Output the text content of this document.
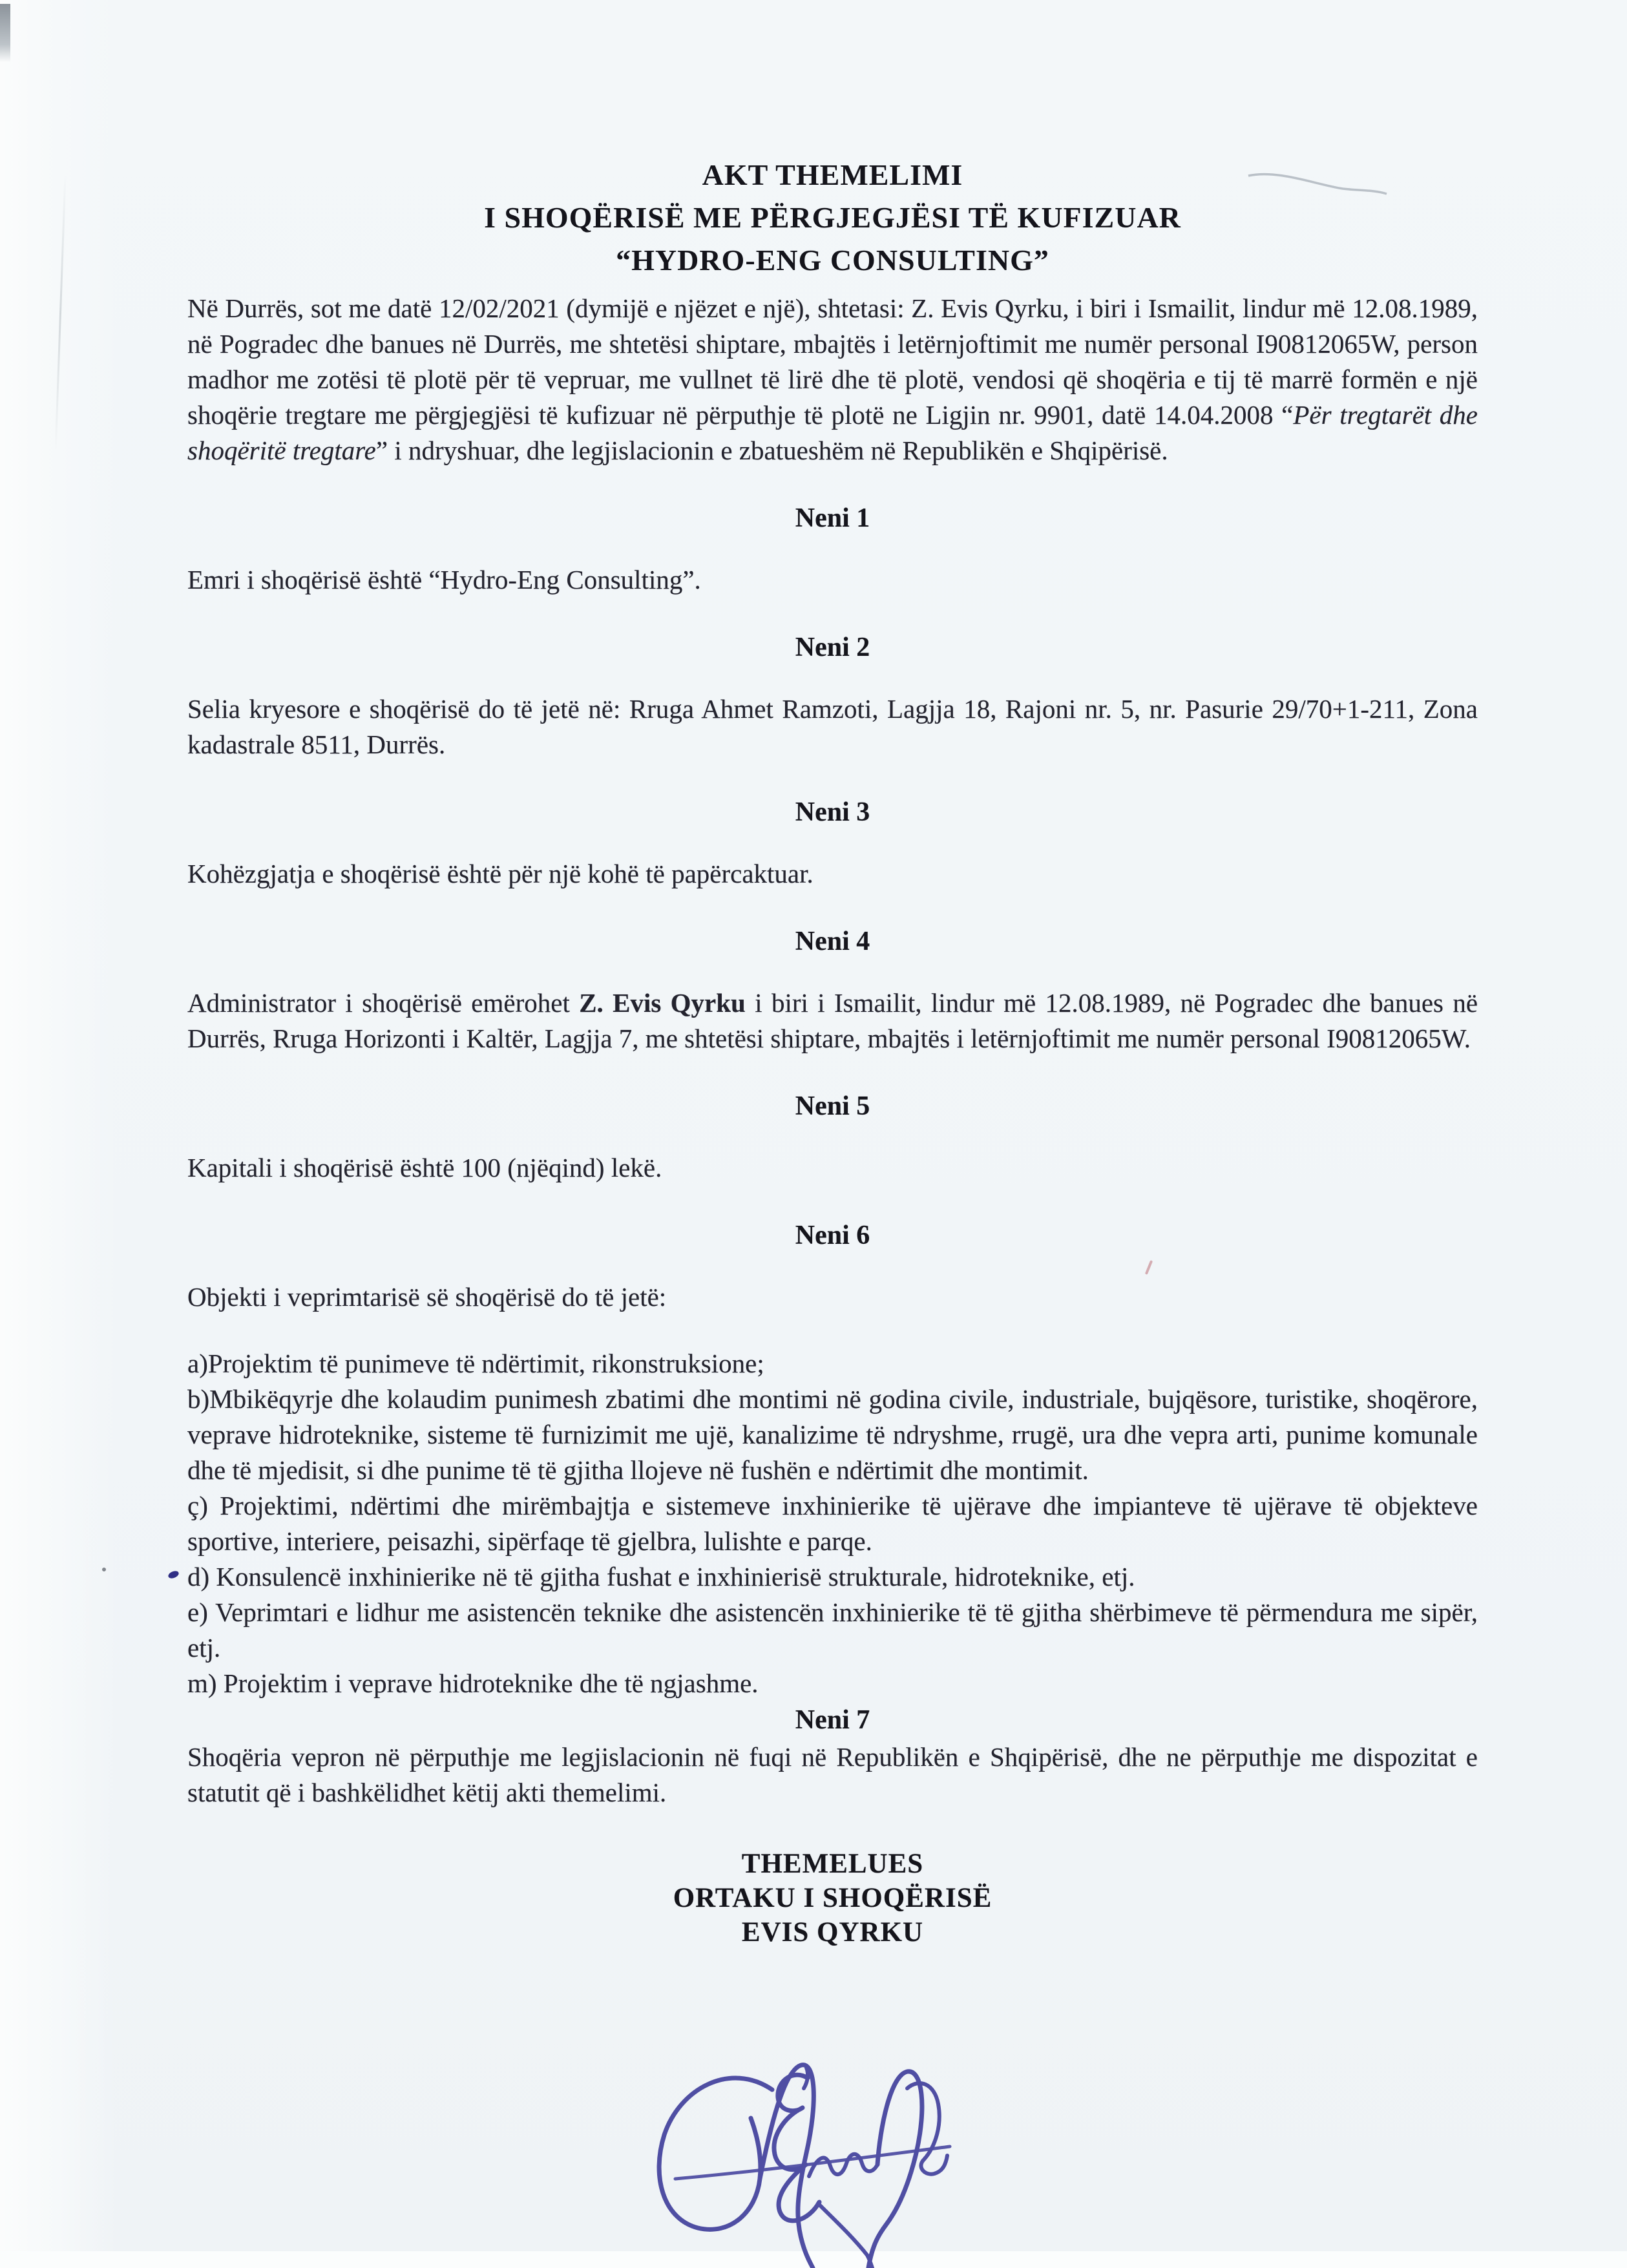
AKT THEMELIMI
I SHOQËRISË ME PËRGJEGJËSI TË KUFIZUAR
“HYDRO-ENG CONSULTING”

Në Durrës, sot me datë 12/02/2021 (dymijë e njëzet e një), shtetasi: Z. Evis Qyrku, i biri i Ismailit, lindur më 12.08.1989, në Pogradec dhe banues në Durrës, me shtetësi shiptare, mbajtës i letërnjoftimit me numër personal I90812065W, person madhor me zotësi të plotë për të vepruar, me vullnet të lirë dhe të plotë, vendosi që shoqëria e tij të marrë formën e një shoqërie tregtare me përgjegjësi të kufizuar në përputhje të plotë ne Ligjin nr. 9901, datë 14.04.2008 “Për tregtarët dhe shoqëritë tregtare” i ndryshuar, dhe legjislacionin e zbatueshëm në Republikën e Shqipërisë.

Neni 1

Emri i shoqërisë është “Hydro-Eng Consulting”.

Neni 2

Selia kryesore e shoqërisë do të jetë në: Rruga Ahmet Ramzoti, Lagjja 18, Rajoni nr. 5, nr. Pasurie 29/70+1-211, Zona kadastrale 8511, Durrës.

Neni 3

Kohëzgjatja e shoqërisë është për një kohë të papërcaktuar.

Neni 4

Administrator i shoqërisë emërohet Z. Evis Qyrku i biri i Ismailit, lindur më 12.08.1989, në Pogradec dhe banues në Durrës, Rruga Horizonti i Kaltër, Lagjja 7, me shtetësi shiptare, mbajtës i letërnjoftimit me numër personal I90812065W.

Neni 5

Kapitali i shoqërisë është 100 (njëqind) lekë.

Neni 6

Objekti i veprimtarisë së shoqërisë do të jetë:

a)Projektim të punimeve të ndërtimit, rikonstruksione;

b)Mbikëqyrje dhe kolaudim punimesh zbatimi dhe montimi në godina civile, industriale, bujqësore, turistike, shoqërore, veprave hidroteknike, sisteme të furnizimit me ujë, kanalizime të ndryshme, rrugë, ura dhe vepra arti, punime komunale dhe të mjedisit, si dhe punime të të gjitha llojeve në fushën e ndërtimit dhe montimit.

ç) Projektimi, ndërtimi dhe mirëmbajtja e sistemeve inxhinierike të ujërave dhe impianteve të ujërave të objekteve sportive, interiere, peisazhi, sipërfaqe të gjelbra, lulishte e parqe.

d) Konsulencë inxhinierike në të gjitha fushat e inxhinierisë strukturale, hidroteknike, etj.

e) Veprimtari e lidhur me asistencën teknike dhe asistencën inxhinierike të të gjitha shërbimeve të përmendura me sipër, etj.

m) Projektim i veprave hidroteknike dhe të ngjashme.

Neni 7

Shoqëria vepron në përputhje me legjislacionin në fuqi në Republikën e Shqipërisë, dhe ne përputhje me dispozitat e statutit që i bashkëlidhet këtij akti themelimi.

THEMELUES
ORTAKU I SHOQËRISË
EVIS QYRKU
